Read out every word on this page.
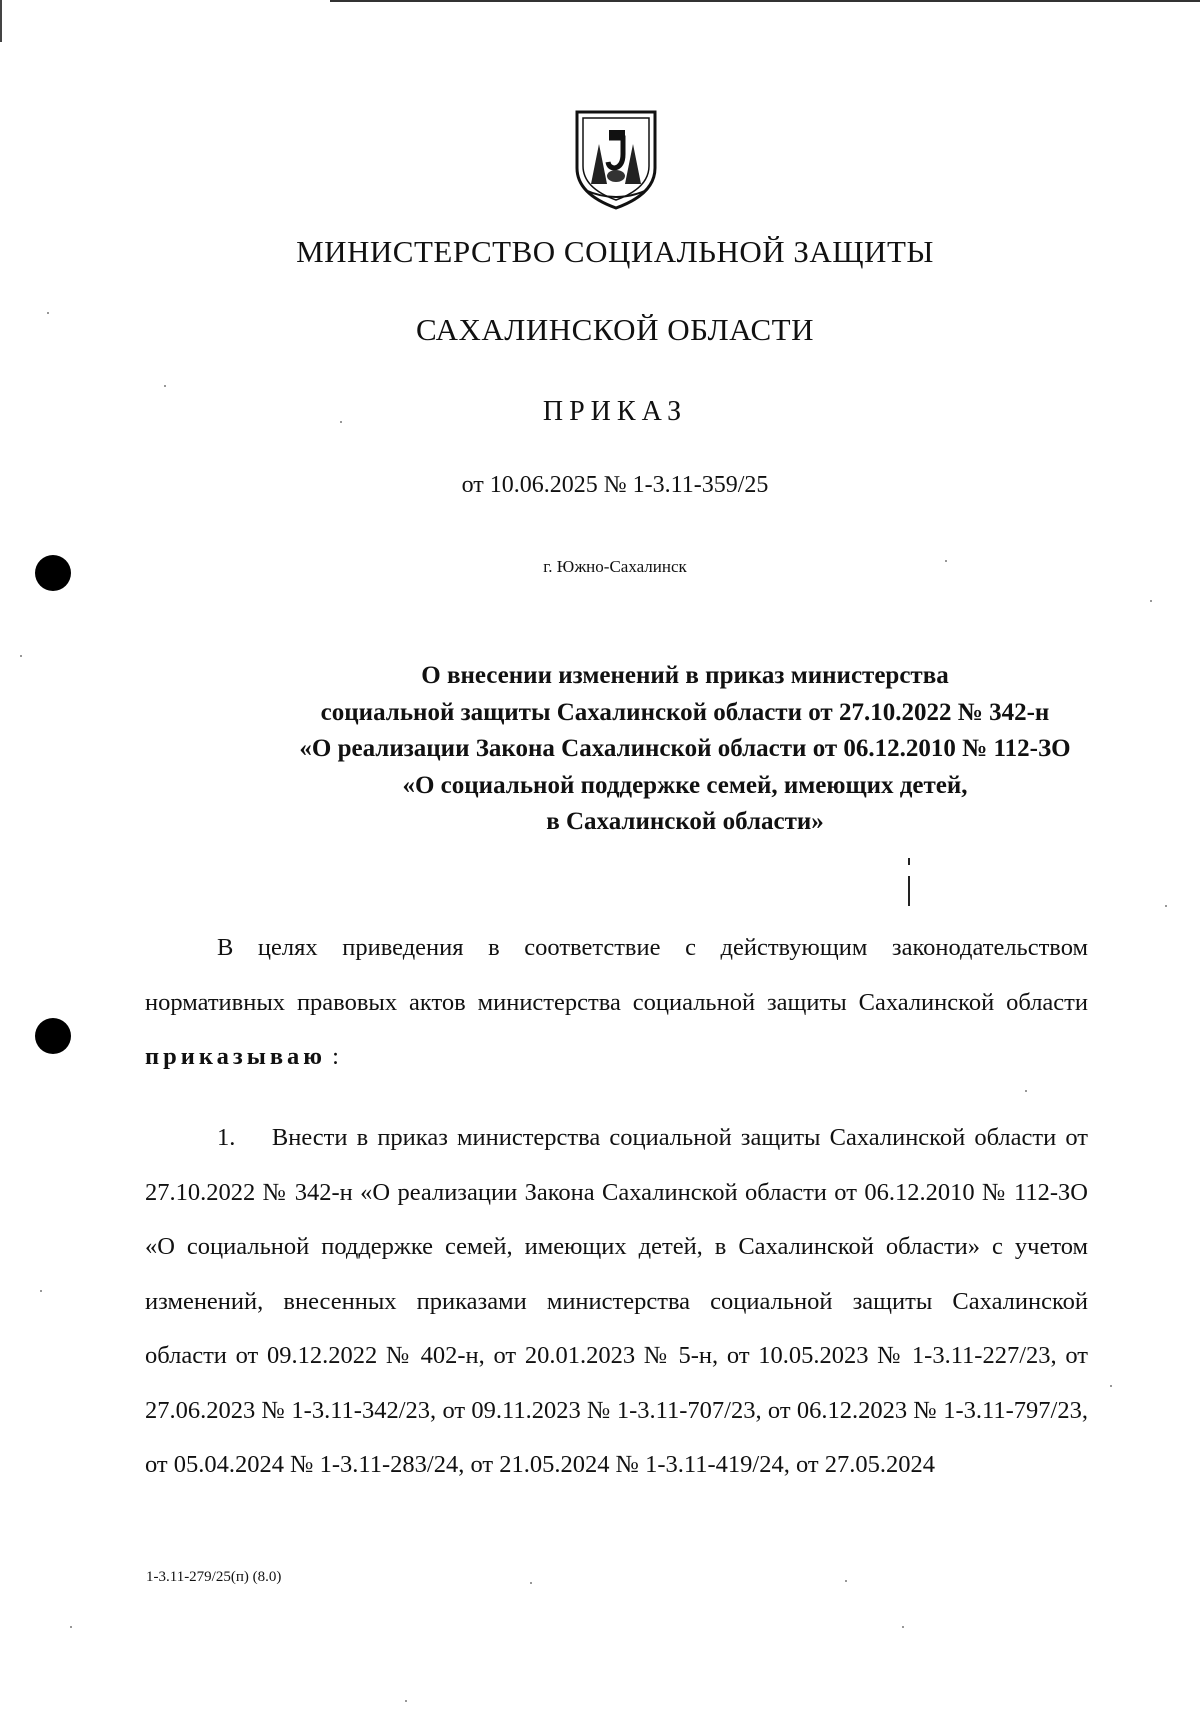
МИНИСТЕРСТВО СОЦИАЛЬНОЙ ЗАЩИТЫ
САХАЛИНСКОЙ ОБЛАСТИ
ПРИКАЗ
от 10.06.2025 № 1-3.11-359/25
г. Южно-Сахалинск
О внесении изменений в приказ министерства
социальной защиты Сахалинской области от 27.10.2022 № 342-н
«О реализации Закона Сахалинской области от 06.12.2010 № 112-ЗО
«О социальной поддержке семей, имеющих детей,
в Сахалинской области»
В целях приведения в соответствие с действующим законодательством нормативных правовых актов министерства социальной защиты Сахалинской области приказываю :
1. Внести в приказ министерства социальной защиты Сахалинской области от 27.10.2022 № 342-н «О реализации Закона Сахалинской области от 06.12.2010 № 112-ЗО «О социальной поддержке семей, имеющих детей, в Сахалинской области» с учетом изменений, внесенных приказами министерства социальной защиты Сахалинской области от 09.12.2022 № 402-н, от 20.01.2023 № 5-н, от 10.05.2023 № 1-3.11-227/23, от 27.06.2023 № 1-3.11-342/23, от 09.11.2023 № 1-3.11-707/23, от 06.12.2023 № 1-3.11-797/23, от 05.04.2024 № 1-3.11-283/24, от 21.05.2024 № 1-3.11-419/24, от 27.05.2024
1-3.11-279/25(п) (8.0)
